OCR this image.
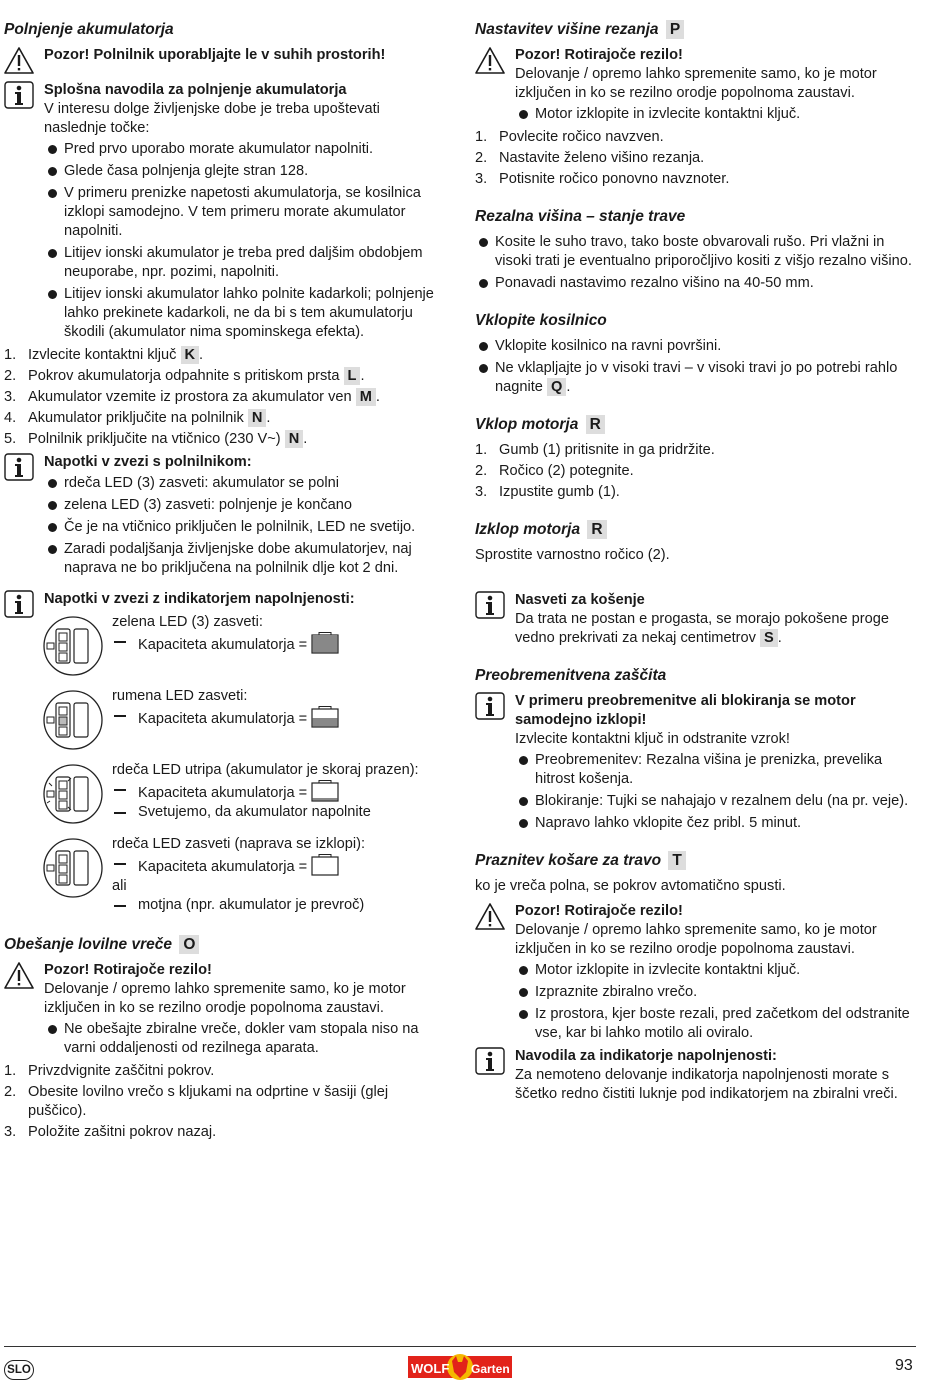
Polnjenje akumulatorja
Pozor! Polnilnik uporabljajte le v suhih prostorih!
Splošna navodila za polnjenje akumulatorja
V interesu dolge življenjske dobe je treba upoštevati naslednje točke:
Pred prvo uporabo morate akumulator napolniti.
Glede časa polnjenja glejte stran 128.
V primeru prenizke napetosti akumulatorja, se kosilnica izklopi samodejno. V tem primeru morate akumulator napolniti.
Litijev ionski akumulator je treba pred daljšim obdobjem neuporabe, npr. pozimi, napolniti.
Litijev ionski akumulator lahko polnite kadarkoli; polnjenje lahko prekinete kadarkoli, ne da bi s tem akumulatorju škodili (akumulator nima spominskega efekta).
1. Izvlecite kontaktni ključ K .
2. Pokrov akumulatorja odpahnite s pritiskom prsta L .
3. Akumulator vzemite iz prostora za akumulator ven M .
4. Akumulator priključite na polnilnik N .
5. Polnilnik priključite na vtičnico (230 V~) N .
Napotki v zvezi s polnilnikom:
rdeča LED (3) zasveti: akumulator se polni
zelena LED (3) zasveti: polnjenje je končano
Če je na vtičnico priključen le polnilnik, LED ne svetijo.
Zaradi podaljšanja življenjske dobe akumulatorjev, naj naprava ne bo priključena na polnilnik dlje kot 2 dni.
Napotki v zvezi z indikatorjem napolnjenosti:
zelena LED (3) zasveti:
Kapaciteta akumulatorja =
rumena LED zasveti:
Kapaciteta akumulatorja =
rdeča LED utripa (akumulator je skoraj prazen):
Kapaciteta akumulatorja =
Svetujemo, da akumulator napolnite
rdeča LED zasveti (naprava se izklopi):
Kapaciteta akumulatorja =
ali
motjna (npr. akumulator je prevroč)
Obešanje lovilne vreče O
Pozor! Rotirajoče rezilo!
Delovanje / opremo lahko spremenite samo, ko je motor izključen in ko se rezilno orodje popolnoma zaustavi.
Ne obešajte zbiralne vreče, dokler vam stopala niso na varni oddaljenosti od rezilnega aparata.
1. Privzdvignite zaščitni pokrov.
2. Obesite lovilno vrečo s kljukami na odprtine v šasiji (glej puščico).
3. Položite zašitni pokrov nazaj.
Nastavitev višine rezanja P
Pozor! Rotirajoče rezilo!
Delovanje / opremo lahko spremenite samo, ko je motor izključen in ko se rezilno orodje popolnoma zaustavi.
Motor izklopite in izvlecite kontaktni ključ.
1. Povlecite ročico navzven.
2. Nastavite želeno višino rezanja.
3. Potisnite ročico ponovno navznoter.
Rezalna višina – stanje trave
Kosite le suho travo, tako boste obvarovali rušo. Pri vlažni in visoki trati je eventualno priporočljivo kositi z višjo rezalno višino.
Ponavadi nastavimo rezalno višino na 40-50 mm.
Vklopite kosilnico
Vklopite kosilnico na ravni površini.
Ne vklapljajte jo v visoki travi – v visoki travi jo po potrebi rahlo nagnite Q .
Vklop motorja R
1. Gumb (1) pritisnite in ga pridržite.
2. Ročico (2) potegnite.
3. Izpustite gumb (1).
Izklop motorja R
Sprostite varnostno ročico (2).
Nasveti za košenje
Da trata ne postan e progasta, se morajo pokošene proge vedno prekrivati za nekaj centimetrov S .
Preobremenitvena zaščita
V primeru preobremenitve ali blokiranja se motor samodejno izklopi!
Izvlecite kontaktni ključ in odstranite vzrok!
Preobremenitev: Rezalna višina je prenizka, prevelika hitrost košenja.
Blokiranje: Tujki se nahajajo v rezalnem delu (na pr. veje).
Napravo lahko vklopite čez pribl. 5 minut.
Praznitev košare za travo T
ko je vreča polna, se pokrov avtomatično spusti.
Pozor! Rotirajoče rezilo!
Delovanje / opremo lahko spremenite samo, ko je motor izključen in ko se rezilno orodje popolnoma zaustavi.
Motor izklopite in izvlecite kontaktni ključ.
Izpraznite zbiralno vrečo.
Iz prostora, kjer boste rezali, pred začetkom del odstranite vse, kar bi lahko motilo ali oviralo.
Navodila za indikatorje napolnjenosti:
Za nemoteno delovanje indikatorja napolnjenosti morate s ščetko redno čistiti luknje pod indikatorjem na zbiralni vreči.
SLO	WOLF Garten	93
